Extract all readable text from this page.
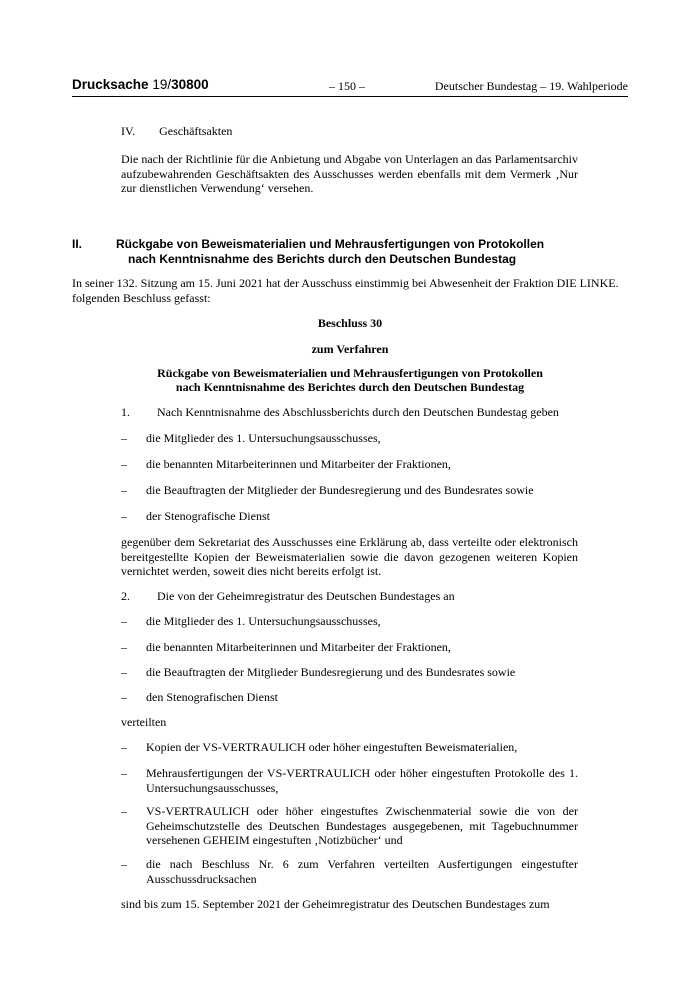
Drucksache 19/30800	– 150 –	Deutscher Bundestag – 19. Wahlperiode

IV.  Geschäftsakten

Die nach der Richtlinie für die Anbietung und Abgabe von Unterlagen an das Parlamentsarchiv aufzubewahrenden Geschäftsakten des Ausschusses werden ebenfalls mit dem Vermerk ‚Nur zur dienstlichen Verwendung‘ versehen.

II.	Rückgabe von Beweismaterialien und Mehrausfertigungen von Protokollen
nach Kenntnisnahme des Berichts durch den Deutschen Bundestag

In seiner 132. Sitzung am 15. Juni 2021 hat der Ausschuss einstimmig bei Abwesenheit der Fraktion DIE LINKE. folgenden Beschluss gefasst:

Beschluss 30

zum Verfahren

Rückgabe von Beweismaterialien und Mehrausfertigungen von Protokollen

nach Kenntnisnahme des Berichtes durch den Deutschen Bundestag

1. Nach Kenntnisnahme des Abschlussberichts durch den Deutschen Bundestag geben
– die Mitglieder des 1. Untersuchungsausschusses,
– die benannten Mitarbeiterinnen und Mitarbeiter der Fraktionen,
– die Beauftragten der Mitglieder der Bundesregierung und des Bundesrates sowie
– der Stenografische Dienst

gegenüber dem Sekretariat des Ausschusses eine Erklärung ab, dass verteilte oder elektronisch bereitgestellte Kopien der Beweismaterialien sowie die davon gezogenen weiteren Kopien vernichtet werden, soweit dies nicht bereits erfolgt ist.

2. Die von der Geheimregistratur des Deutschen Bundestages an
– die Mitglieder des 1. Untersuchungsausschusses,
– die benannten Mitarbeiterinnen und Mitarbeiter der Fraktionen,
– die Beauftragten der Mitglieder Bundesregierung und des Bundesrates sowie
– den Stenografischen Dienst

verteilten

– Kopien der VS-VERTRAULICH oder höher eingestuften Beweismaterialien,
– Mehrausfertigungen der VS-VERTRAULICH oder höher eingestuften Protokolle des 1. Untersuchungsausschusses,

– VS-VERTRAULICH oder höher eingestuftes Zwischenmaterial sowie die von der Geheimschutzstelle des Deutschen Bundestages ausgegebenen, mit Tagebuchnummer versehenen GEHEIM eingestuften ‚Notizbücher‘ und

– die nach Beschluss Nr. 6 zum Verfahren verteilten Ausfertigungen eingestufter Ausschussdrucksachen

sind bis zum 15. September 2021 der Geheimregistratur des Deutschen Bundestages zum
